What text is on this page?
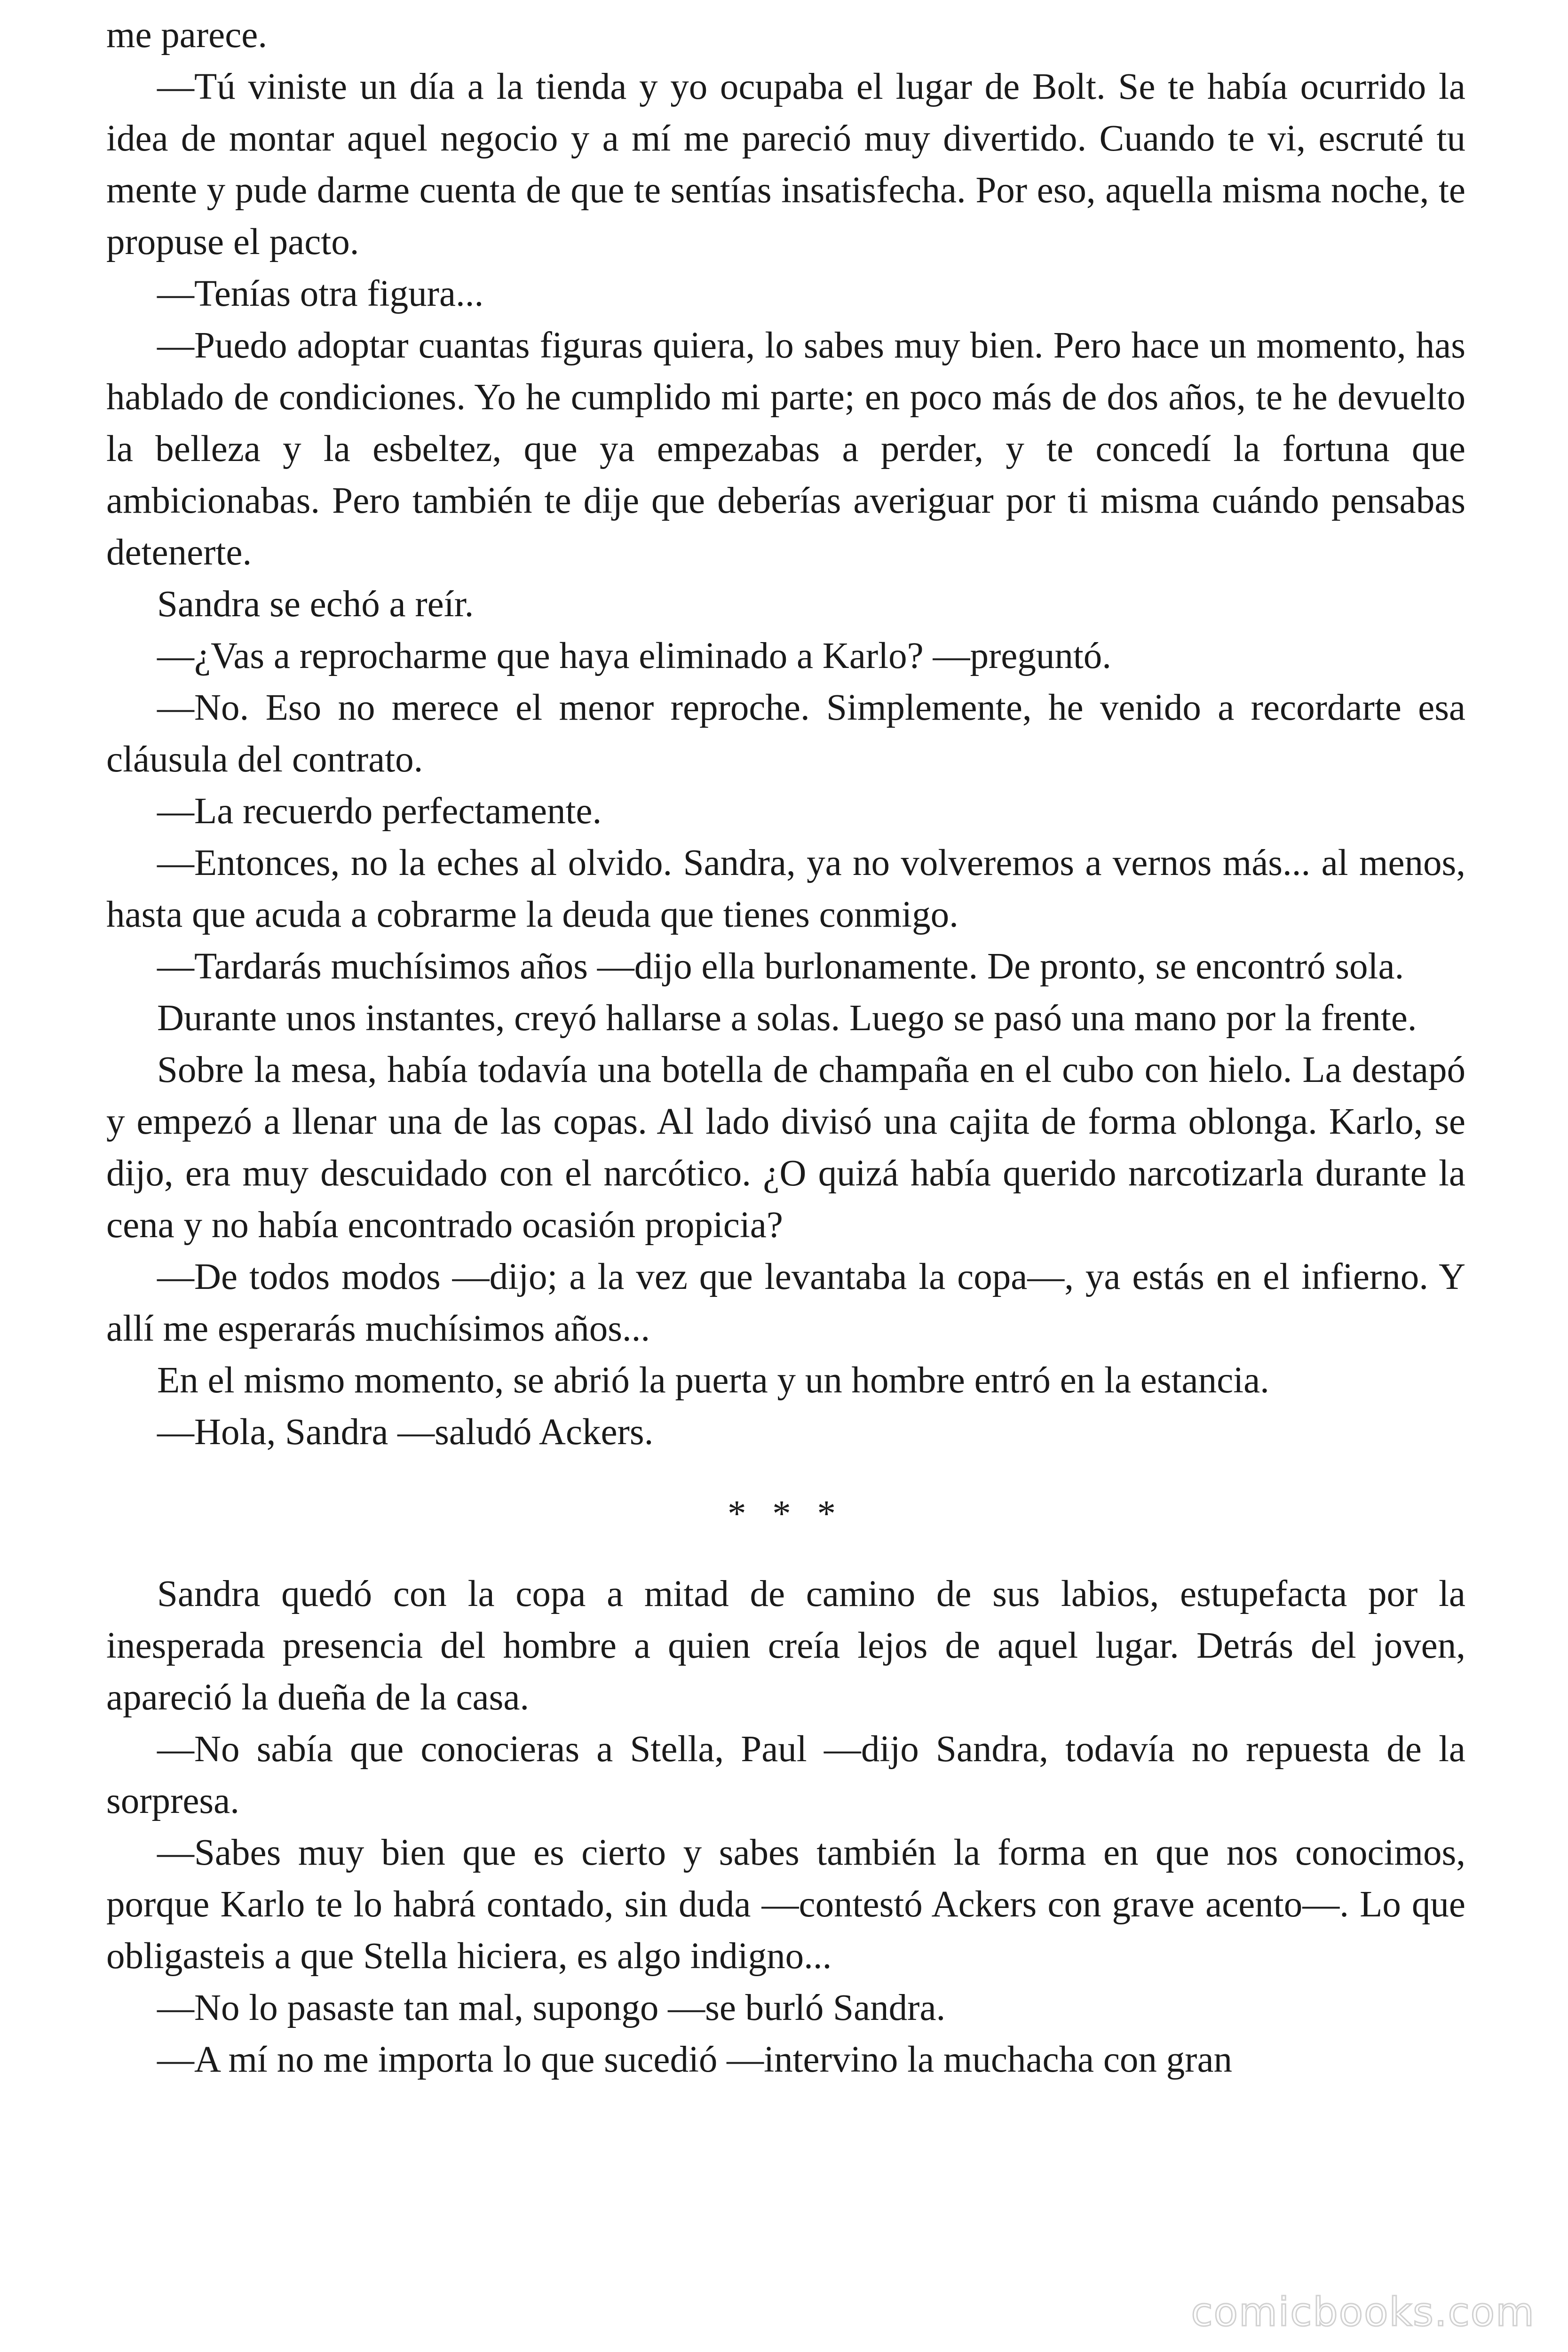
me parece.

—Tú viniste un día a la tienda y yo ocupaba el lugar de Bolt. Se te había ocurrido la idea de montar aquel negocio y a mí me pareció muy divertido. Cuando te vi, escruté tu mente y pude darme cuenta de que te sentías insatisfecha. Por eso, aquella misma noche, te propuse el pacto.

—Tenías otra figura...

—Puedo adoptar cuantas figuras quiera, lo sabes muy bien. Pero hace un momento, has hablado de condiciones. Yo he cumplido mi parte; en poco más de dos años, te he devuelto la belleza y la esbeltez, que ya empezabas a perder, y te concedí la fortuna que ambicionabas. Pero también te dije que deberías averiguar por ti misma cuándo pensabas detenerte.

Sandra se echó a reír.

—¿Vas a reprocharme que haya eliminado a Karlo? —preguntó.

—No. Eso no merece el menor reproche. Simplemente, he venido a recordarte esa cláusula del contrato.

—La recuerdo perfectamente.

—Entonces, no la eches al olvido. Sandra, ya no volveremos a vernos más... al menos, hasta que acuda a cobrarme la deuda que tienes conmigo.

—Tardarás muchísimos años —dijo ella burlonamente. De pronto, se encontró sola.

Durante unos instantes, creyó hallarse a solas. Luego se pasó una mano por la frente.

Sobre la mesa, había todavía una botella de champaña en el cubo con hielo. La destapó y empezó a llenar una de las copas. Al lado divisó una cajita de forma oblonga. Karlo, se dijo, era muy descuidado con el narcótico. ¿O quizá había querido narcotizarla durante la cena y no había encontrado ocasión propicia?

—De todos modos —dijo; a la vez que levantaba la copa—, ya estás en el infierno. Y allí me esperarás muchísimos años...

En el mismo momento, se abrió la puerta y un hombre entró en la estancia.

—Hola, Sandra —saludó Ackers.

* * *

Sandra quedó con la copa a mitad de camino de sus labios, estupefacta por la inesperada presencia del hombre a quien creía lejos de aquel lugar. Detrás del joven, apareció la dueña de la casa.

—No sabía que conocieras a Stella, Paul —dijo Sandra, todavía no repuesta de la sorpresa.

—Sabes muy bien que es cierto y sabes también la forma en que nos conocimos, porque Karlo te lo habrá contado, sin duda —contestó Ackers con grave acento—. Lo que obligasteis a que Stella hiciera, es algo indigno...

—No lo pasaste tan mal, supongo —se burló Sandra.

—A mí no me importa lo que sucedió —intervino la muchacha con gran

comicbooks.com
